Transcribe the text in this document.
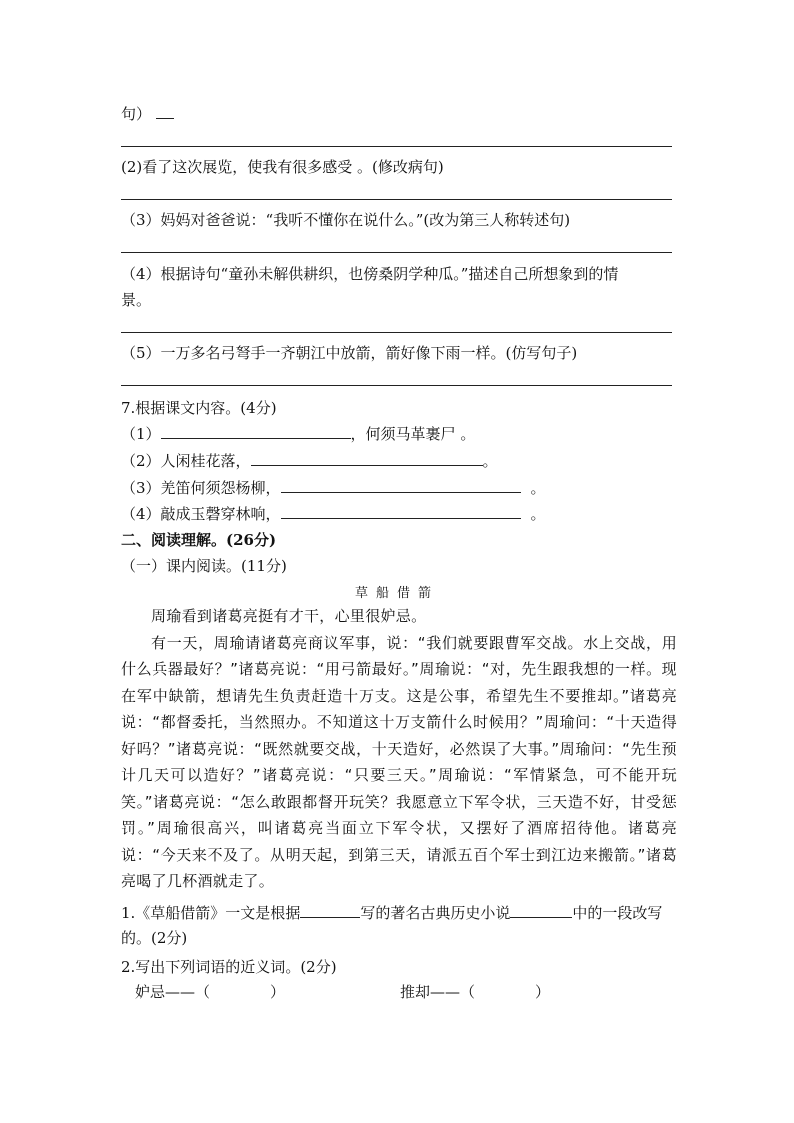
句）
(2)看了这次展览，使我有很多感受 。(修改病句)
（3）妈妈对爸爸说：“我听不懂你在说什么。”(改为第三人称转述句)
（4）根据诗句“童孙未解供耕织，也傍桑阴学种瓜。”描述自己所想象到的情
景。
（5）一万多名弓弩手一齐朝江中放箭，箭好像下雨一样。(仿写句子)
7.根据课文内容。(4分)
（1）	，何须马革裹尸 。
（2）人闲桂花落，	。
（3）羌笛何须怨杨柳，	。
（4）敲成玉磬穿林响，	。
二、阅读理解。(26分)
（一）课内阅读。(11分)
草船借箭

周瑜看到诸葛亮挺有才干，心里很妒忌。

有一天，周瑜请诸葛亮商议军事，说：“我们就要跟曹军交战。水上交战，用什么兵器最好？”诸葛亮说：“用弓箭最好。”周瑜说：“对，先生跟我想的一样。现在军中缺箭，想请先生负责赶造十万支。这是公事，希望先生不要推却。”诸葛亮说：“都督委托，当然照办。不知道这十万支箭什么时候用？”周瑜问：“十天造得好吗？”诸葛亮说：“既然就要交战，十天造好，必然误了大事。”周瑜问：“先生预计几天可以造好？”诸葛亮说：“只要三天。”周瑜说：“军情紧急，可不能开玩笑。”诸葛亮说：“怎么敢跟都督开玩笑？我愿意立下军令状，三天造不好，甘受惩罚。”周瑜很高兴，叫诸葛亮当面立下军令状，又摆好了酒席招待他。诸葛亮说：“今天来不及了。从明天起，到第三天，请派五百个军士到江边来搬箭。”诸葛亮喝了几杯酒就走了。

1.《草船借箭》一文是根据	写的著名古典历史小说	中的一段改写的。(2分)
2.写出下列词语的近义词。(2分)
妒忌——（　　　　）	推却——（　　　　）
